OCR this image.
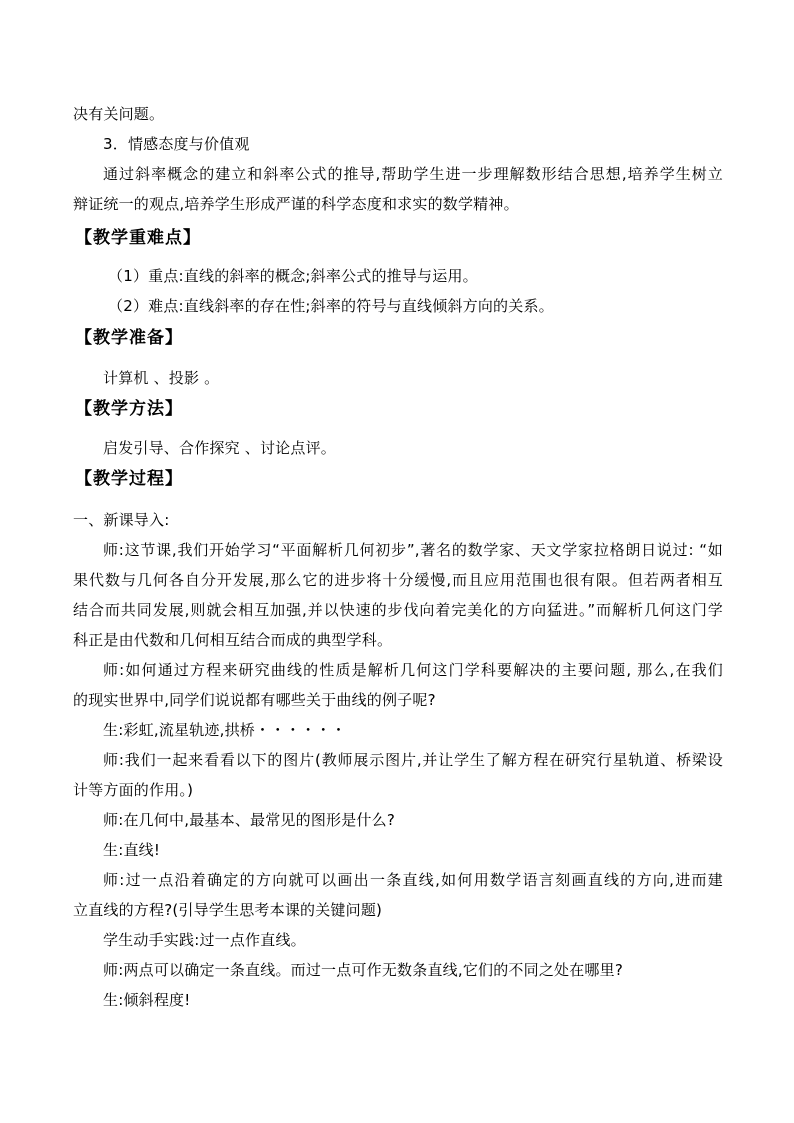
决有关问题。
3．情感态度与价值观
通过斜率概念的建立和斜率公式的推导,帮助学生进一步理解数形结合思想,培养学生树立
辩证统一的观点,培养学生形成严谨的科学态度和求实的数学精神。
【教学重难点】
（1）重点:直线的斜率的概念;斜率公式的推导与运用。
（2）难点:直线斜率的存在性;斜率的符号与直线倾斜方向的关系。
【教学准备】
计算机 、投影 。
【教学方法】
启发引导、合作探究 、讨论点评。
【教学过程】
一、新课导入:
师:这节课,我们开始学习“平面解析几何初步”,著名的数学家、天文学家拉格朗日说过: “如
果代数与几何各自分开发展,那么它的进步将十分缓慢,而且应用范围也很有限。但若两者相互
结合而共同发展,则就会相互加强,并以快速的步伐向着完美化的方向猛进。”而解析几何这门学
科正是由代数和几何相互结合而成的典型学科。
师:如何通过方程来研究曲线的性质是解析几何这门学科要解决的主要问题, 那么,在我们
的现实世界中,同学们说说都有哪些关于曲线的例子呢?
生:彩虹,流星轨迹,拱桥・・・・・・
师:我们一起来看看以下的图片(教师展示图片,并让学生了解方程在研究行星轨道、桥梁设
计等方面的作用。)
师:在几何中,最基本、最常见的图形是什么?
生:直线!
师:过一点沿着确定的方向就可以画出一条直线,如何用数学语言刻画直线的方向,进而建
立直线的方程?(引导学生思考本课的关键问题)
学生动手实践:过一点作直线。
师:两点可以确定一条直线。而过一点可作无数条直线,它们的不同之处在哪里?
生:倾斜程度!
